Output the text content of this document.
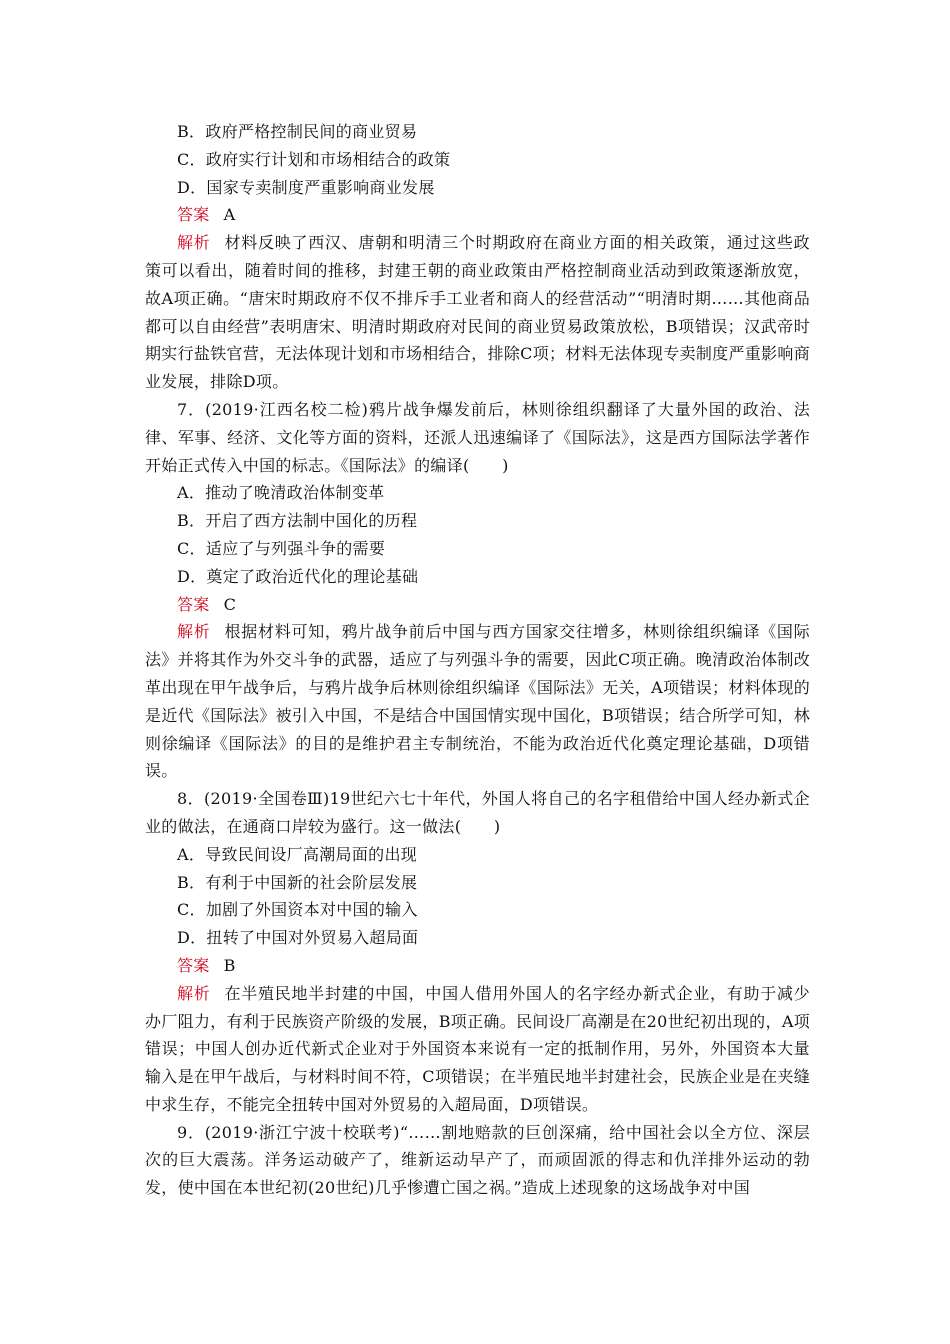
B．政府严格控制民间的商业贸易
C．政府实行计划和市场相结合的政策
D．国家专卖制度严重影响商业发展
答案 A
解析 材料反映了西汉、唐朝和明清三个时期政府在商业方面的相关政策，通过这些政策可以看出，随着时间的推移，封建王朝的商业政策由严格控制商业活动到政策逐渐放宽，故A项正确。“唐宋时期政府不仅不排斥手工业者和商人的经营活动”“明清时期……其他商品都可以自由经营”表明唐宋、明清时期政府对民间的商业贸易政策放松，B项错误；汉武帝时期实行盐铁官营，无法体现计划和市场相结合，排除C项；材料无法体现专卖制度严重影响商业发展，排除D项。
7．(2019·江西名校二检)鸦片战争爆发前后，林则徐组织翻译了大量外国的政治、法律、军事、经济、文化等方面的资料，还派人迅速编译了《国际法》，这是西方国际法学著作开始正式传入中国的标志。《国际法》的编译(　　)
A．推动了晚清政治体制变革
B．开启了西方法制中国化的历程
C．适应了与列强斗争的需要
D．奠定了政治近代化的理论基础
答案 C
解析 根据材料可知，鸦片战争前后中国与西方国家交往增多，林则徐组织编译《国际法》并将其作为外交斗争的武器，适应了与列强斗争的需要，因此C项正确。晚清政治体制改革出现在甲午战争后，与鸦片战争后林则徐组织编译《国际法》无关，A项错误；材料体现的是近代《国际法》被引入中国，不是结合中国国情实现中国化，B项错误；结合所学可知，林则徐编译《国际法》的目的是维护君主专制统治，不能为政治近代化奠定理论基础，D项错误。
8．(2019·全国卷Ⅲ)19世纪六七十年代，外国人将自己的名字租借给中国人经办新式企业的做法，在通商口岸较为盛行。这一做法(　　)
A．导致民间设厂高潮局面的出现
B．有利于中国新的社会阶层发展
C．加剧了外国资本对中国的输入
D．扭转了中国对外贸易入超局面
答案 B
解析 在半殖民地半封建的中国，中国人借用外国人的名字经办新式企业，有助于减少办厂阻力，有利于民族资产阶级的发展，B项正确。民间设厂高潮是在20世纪初出现的，A项错误；中国人创办近代新式企业对于外国资本来说有一定的抵制作用，另外，外国资本大量输入是在甲午战后，与材料时间不符，C项错误；在半殖民地半封建社会，民族企业是在夹缝中求生存，不能完全扭转中国对外贸易的入超局面，D项错误。
9．(2019·浙江宁波十校联考)“……割地赔款的巨创深痛，给中国社会以全方位、深层次的巨大震荡。洋务运动破产了，维新运动早产了，而顽固派的得志和仇洋排外运动的勃发，使中国在本世纪初(20世纪)几乎惨遭亡国之祸。”造成上述现象的这场战争对中国
